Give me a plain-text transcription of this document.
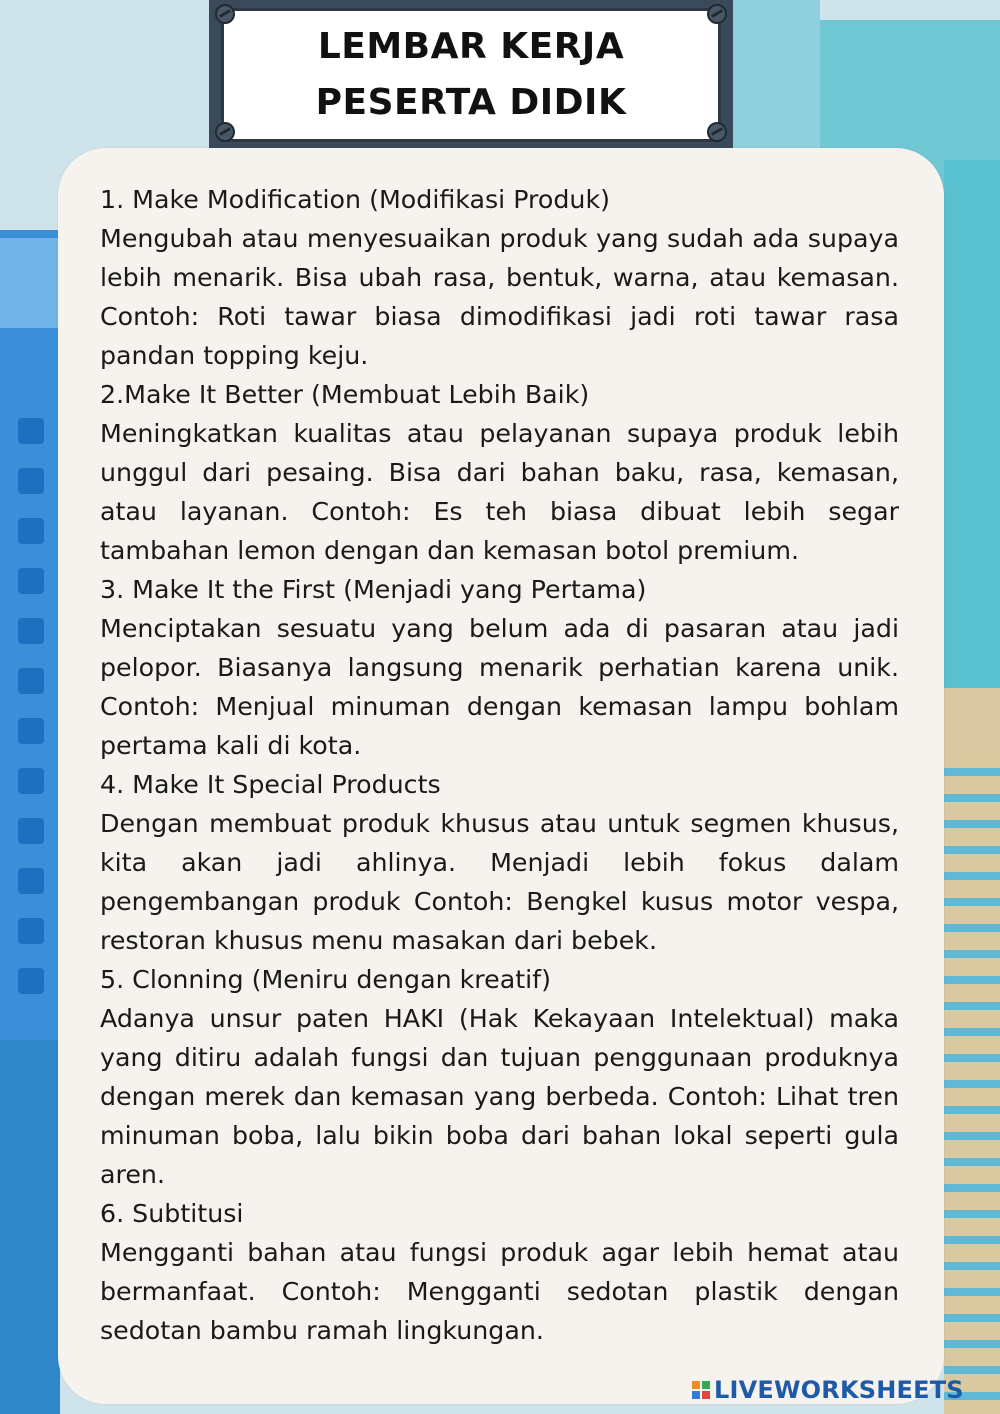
LEMBAR KERJA
PESERTA DIDIK

1. Make Modification (Modifikasi Produk)

Mengubah atau menyesuaikan produk yang sudah ada supaya lebih menarik. Bisa ubah rasa, bentuk, warna, atau kemasan. Contoh: Roti tawar biasa dimodifikasi jadi roti tawar rasa pandan topping keju.

2.Make It Better (Membuat Lebih Baik)

Meningkatkan kualitas atau pelayanan supaya produk lebih unggul dari pesaing. Bisa dari bahan baku, rasa, kemasan, atau layanan. Contoh: Es teh biasa dibuat lebih segar tambahan lemon dengan dan kemasan botol premium.

3. Make It the First (Menjadi yang Pertama)

Menciptakan sesuatu yang belum ada di pasaran atau jadi pelopor. Biasanya langsung menarik perhatian karena unik. Contoh: Menjual minuman dengan kemasan lampu bohlam pertama kali di kota.

4. Make It Special Products

Dengan membuat produk khusus atau untuk segmen khusus, kita akan jadi ahlinya. Menjadi lebih fokus dalam pengembangan produk Contoh: Bengkel kusus motor vespa, restoran khusus menu masakan dari bebek.

5. Clonning (Meniru dengan kreatif)

Adanya unsur paten HAKI (Hak Kekayaan Intelektual) maka yang ditiru adalah fungsi dan tujuan penggunaan produknya dengan merek dan kemasan yang berbeda. Contoh: Lihat tren minuman boba, lalu bikin boba dari bahan lokal seperti gula aren.

6. Subtitusi

Mengganti bahan atau fungsi produk agar lebih hemat atau bermanfaat. Contoh: Mengganti sedotan plastik dengan sedotan bambu ramah lingkungan.

LIVEWORKSHEETS
